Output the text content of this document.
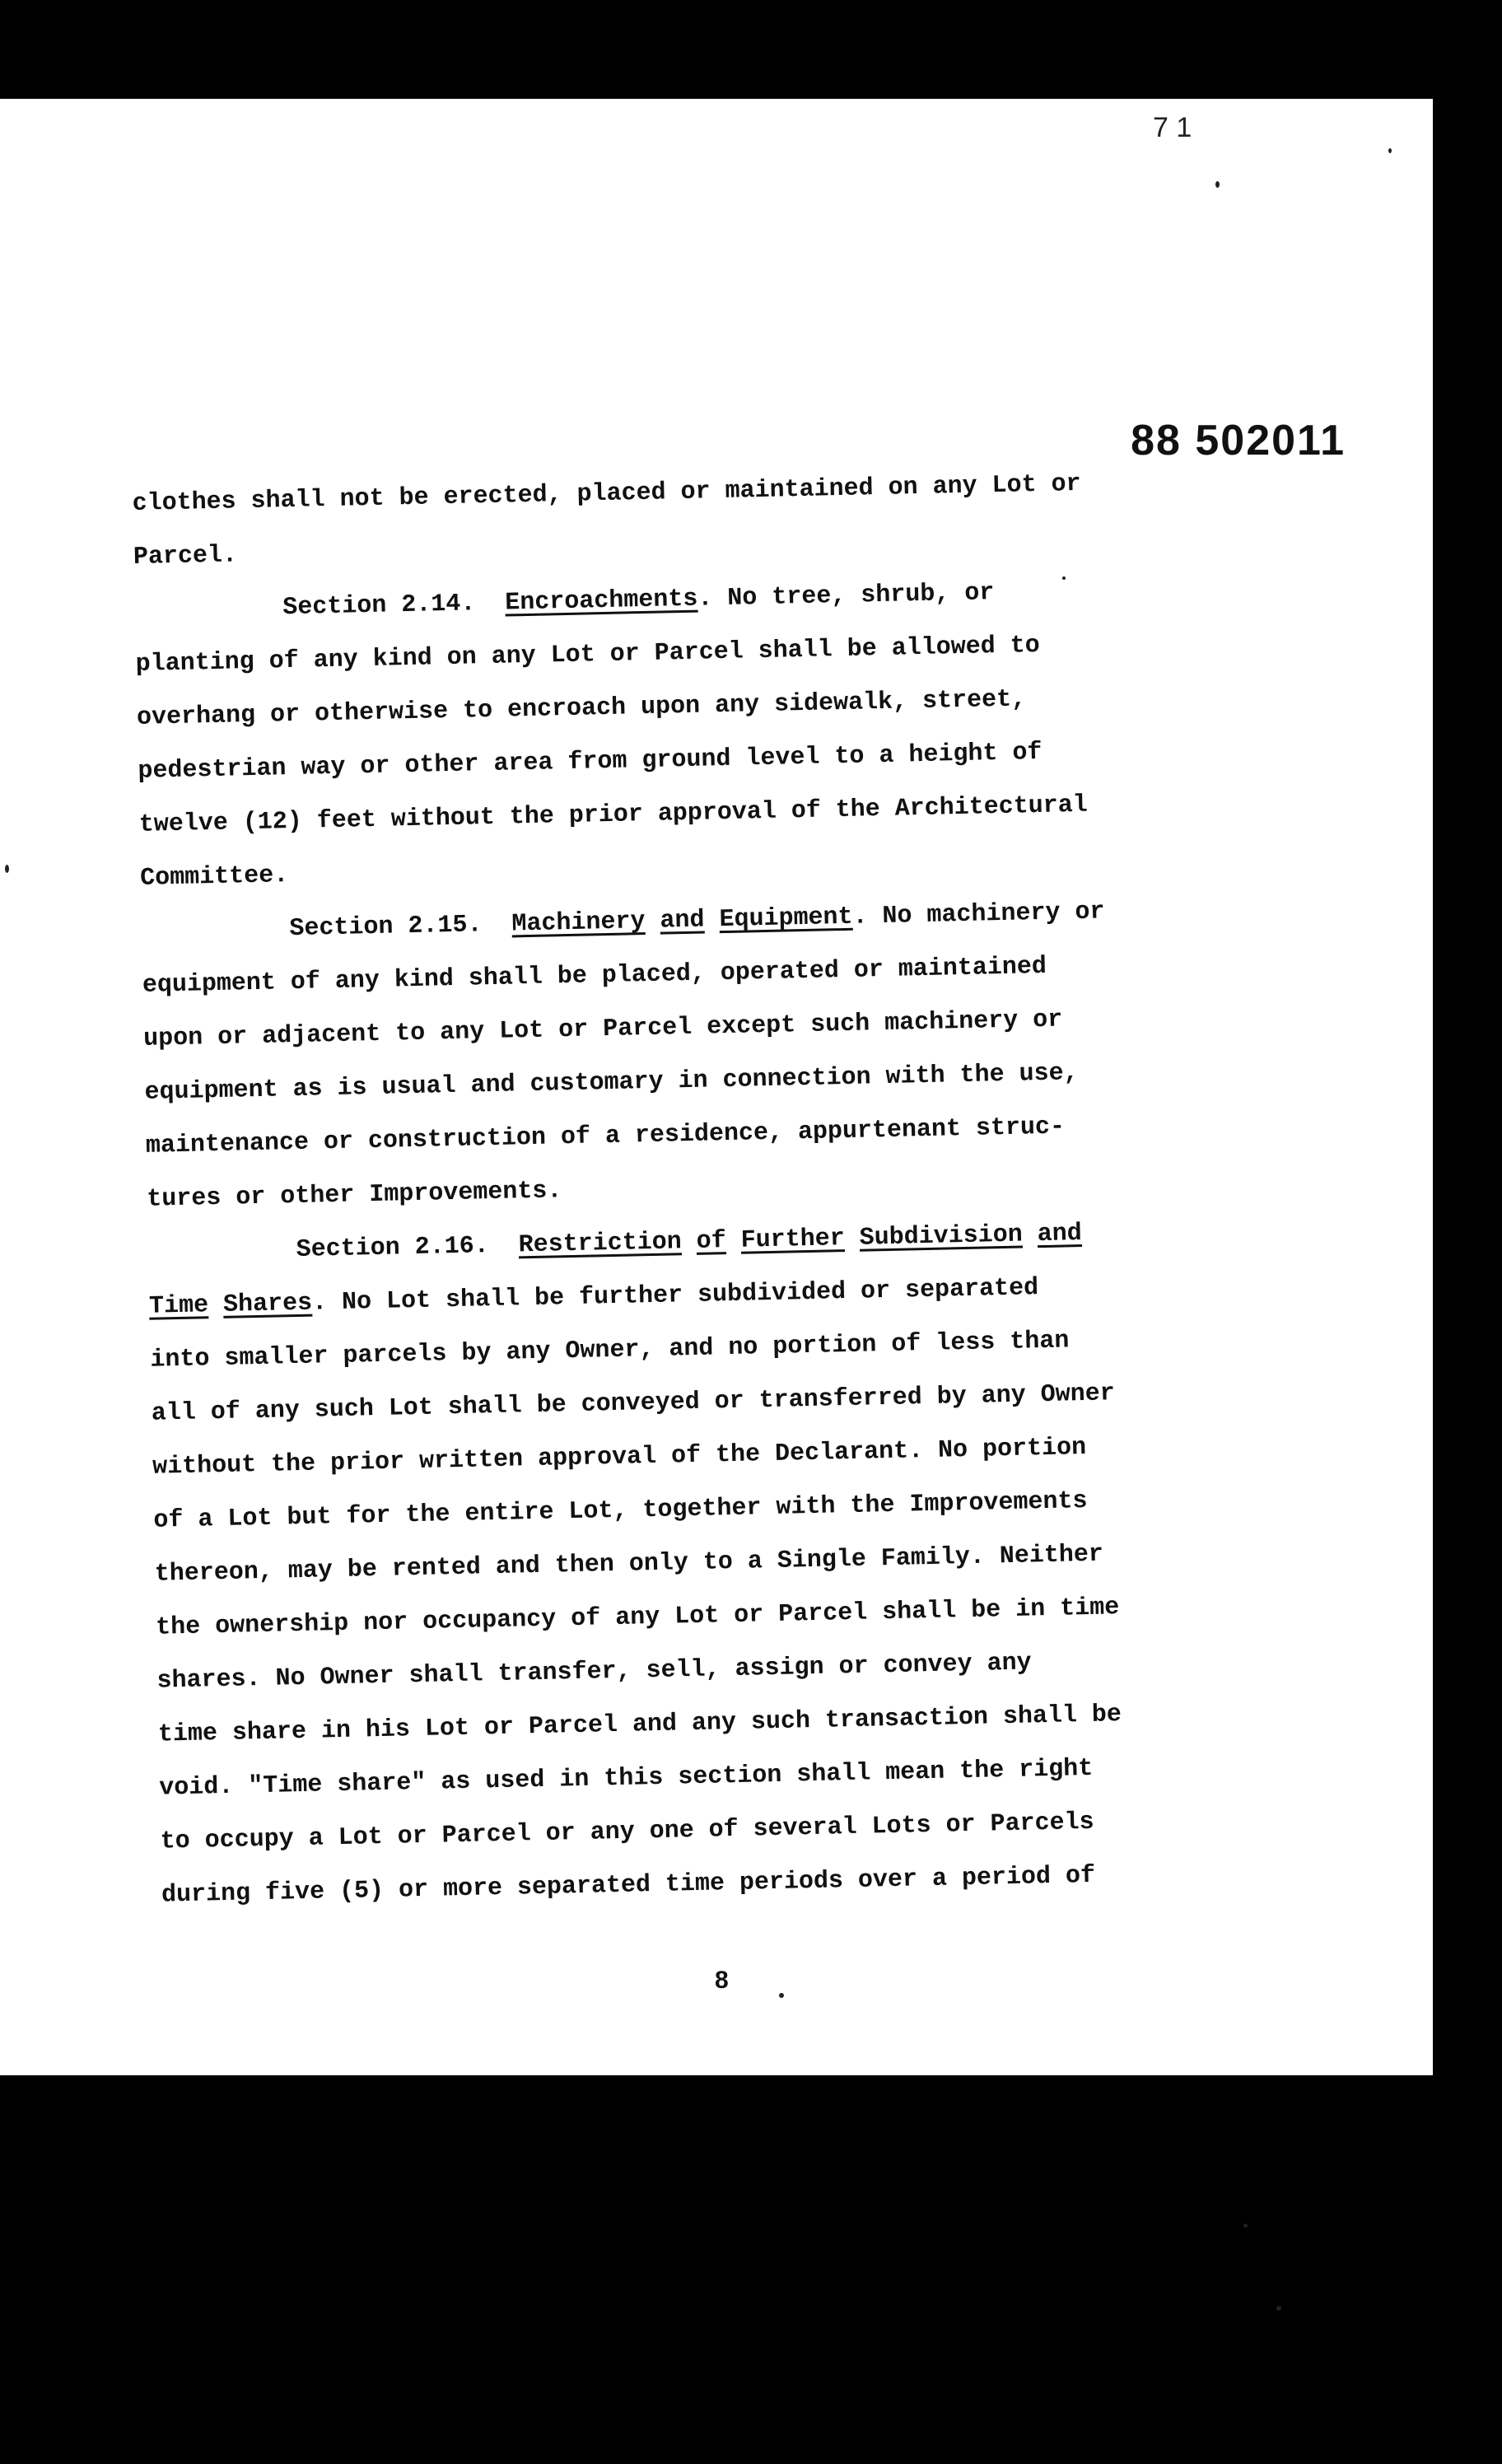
7 1
88 502011
clothes shall not be erected, placed or maintained on any Lot or
Parcel.
Section 2.14. Encroachments. No tree, shrub, or
planting of any kind on any Lot or Parcel shall be allowed to
overhang or otherwise to encroach upon any sidewalk, street,
pedestrian way or other area from ground level to a height of
twelve (12) feet without the prior approval of the Architectural
Committee.
Section 2.15. Machinery and Equipment. No machinery or
equipment of any kind shall be placed, operated or maintained
upon or adjacent to any Lot or Parcel except such machinery or
equipment as is usual and customary in connection with the use,
maintenance or construction of a residence, appurtenant struc-
tures or other Improvements.
Section 2.16. Restriction of Further Subdivision and
Time Shares. No Lot shall be further subdivided or separated
into smaller parcels by any Owner, and no portion of less than
all of any such Lot shall be conveyed or transferred by any Owner
without the prior written approval of the Declarant. No portion
of a Lot but for the entire Lot, together with the Improvements
thereon, may be rented and then only to a Single Family. Neither
the ownership nor occupancy of any Lot or Parcel shall be in time
shares. No Owner shall transfer, sell, assign or convey any
time share in his Lot or Parcel and any such transaction shall be
void. "Time share" as used in this section shall mean the right
to occupy a Lot or Parcel or any one of several Lots or Parcels
during five (5) or more separated time periods over a period of
8
